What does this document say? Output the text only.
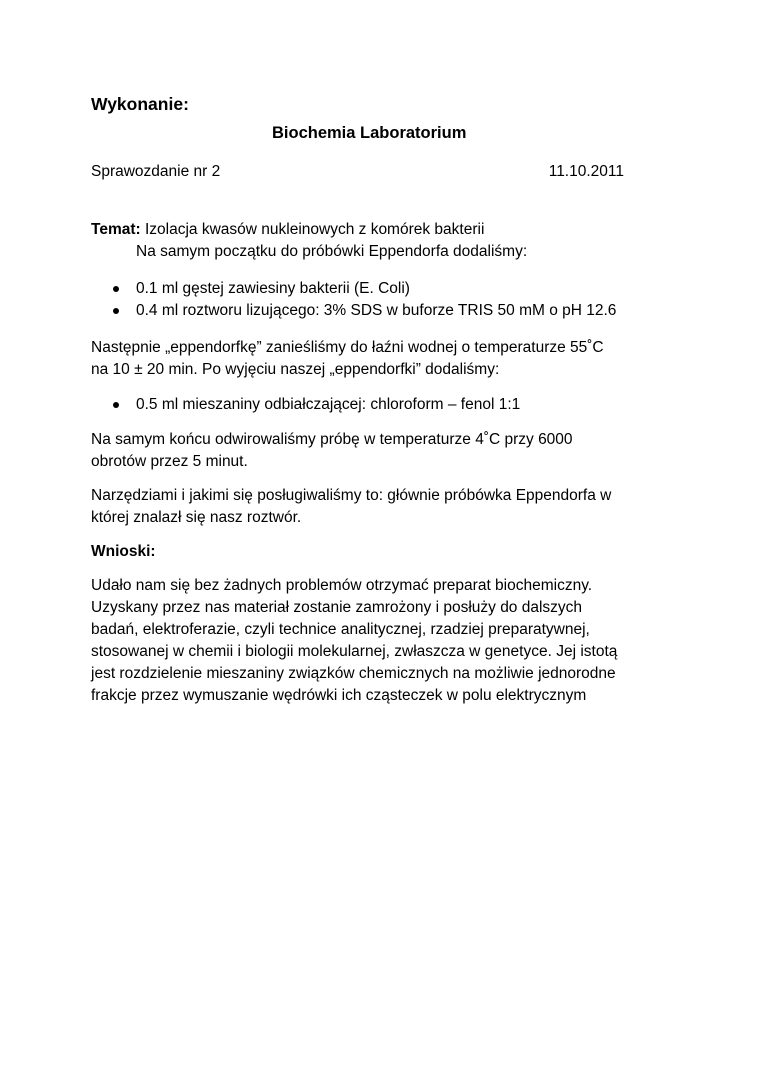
Wykonanie:
Biochemia Laboratorium
Sprawozdanie nr 2	11.10.2011
Temat: Izolacja kwasów nukleinowych z komórek bakterii
Na samym początku do próbówki Eppendorfa dodaliśmy:
0.1 ml gęstej zawiesiny bakterii (E. Coli)
0.4 ml roztworu lizującego: 3% SDS w buforze TRIS 50 mM o pH 12.6
Następnie „eppendorfkę” zanieśliśmy do łaźni wodnej o temperaturze 55˚C
na 10 ± 20 min. Po wyjęciu naszej „eppendorfki” dodaliśmy:
0.5 ml mieszaniny odbiałczającej: chloroform – fenol 1:1
Na samym końcu odwirowaliśmy próbę w temperaturze 4˚C przy 6000
obrotów przez 5 minut.
Narzędziami i jakimi się posługiwaliśmy to: głównie próbówka Eppendorfa w
której znalazł się nasz roztwór.
Wnioski:
Udało nam się bez żadnych problemów otrzymać preparat biochemiczny.
Uzyskany przez nas materiał zostanie zamrożony i posłuży do dalszych
badań, elektroferazie, czyli technice analitycznej, rzadziej preparatywnej,
stosowanej w chemii i biologii molekularnej, zwłaszcza w genetyce. Jej istotą
jest rozdzielenie mieszaniny związków chemicznych na możliwie jednorodne
frakcje przez wymuszanie wędrówki ich cząsteczek w polu elektrycznym
